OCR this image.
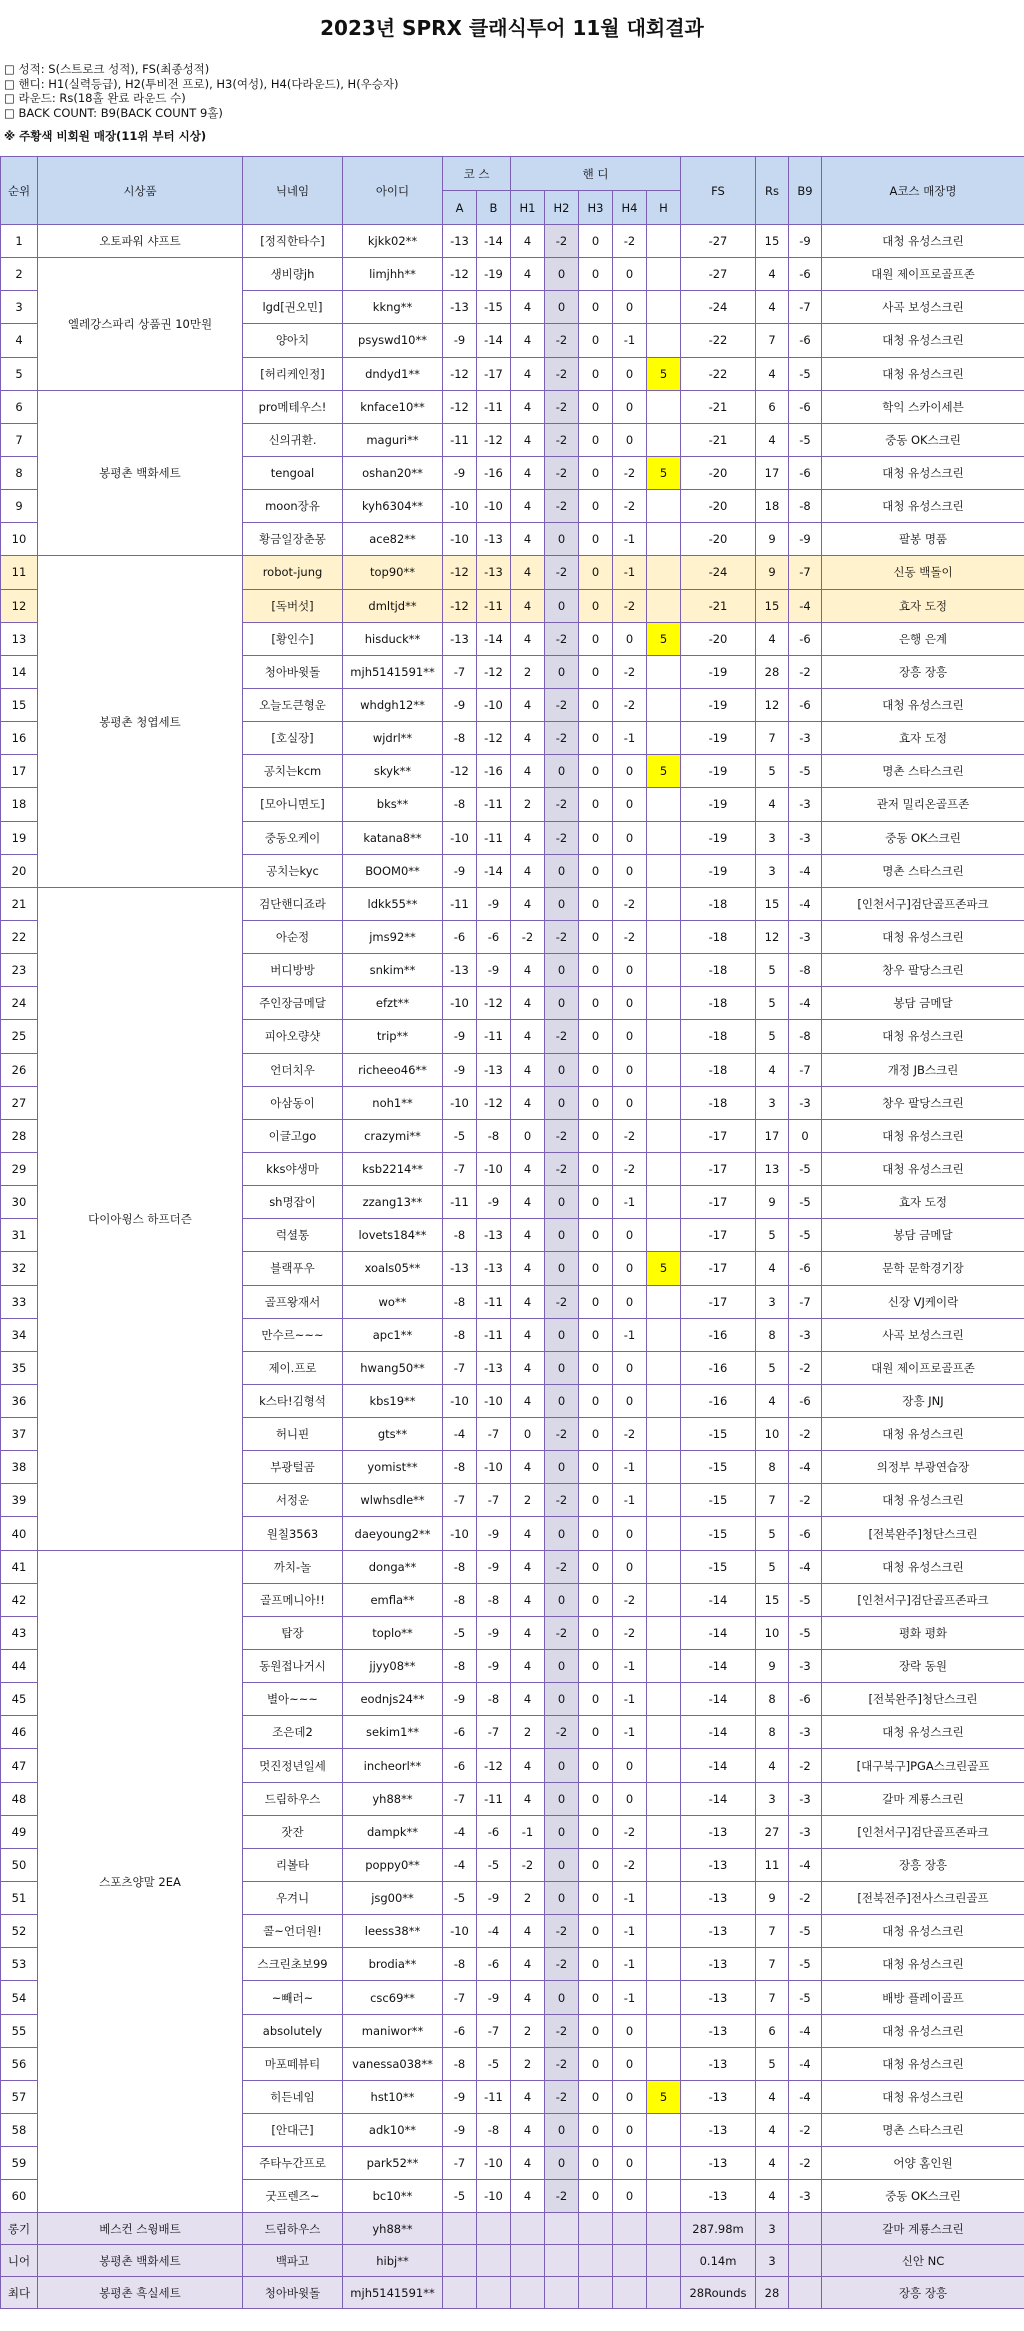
2023년 SPRX 클래식투어 11월 대회결과
□ 성적: S(스트로크 성적), FS(최종성적)
□ 핸디: H1(실력등급), H2(투비전 프로), H3(여성), H4(다라운드), H(우승자)
□ 라운드: Rs(18홀 완료 라운드 수)
□ BACK COUNT: B9(BACK COUNT 9홀)
※ 주황색 비회원 매장(11위 부터 시상)
순위	시상품	닉네임	아이디	코 스		핸 디					FS	Rs	B9	A코스 매장명
				A	B	H1	H2	H3	H4	H				
1	오토파워 샤프트	[정직한타수]	kjkk02**	-13	-14	4	-2	0	-2		-27	15	-9	대청 유성스크린
2	엘레강스파리 상품권 10만원	생비량jh	limjhh**	-12	-19	4	0	0	0		-27	4	-6	대원 제이프로골프존
3		lgd[권오민]	kkng**	-13	-15	4	0	0	0		-24	4	-7	사곡 보성스크린
4		양아치	psyswd10**	-9	-14	4	-2	0	-1		-22	7	-6	대청 유성스크린
5		[허리케인정]	dndyd1**	-12	-17	4	-2	0	0	5	-22	4	-5	대청 유성스크린
6	봉평촌 백화세트	pro메테우스!	knface10**	-12	-11	4	-2	0	0		-21	6	-6	학익 스카이세븐
7		신의귀환.	maguri**	-11	-12	4	-2	0	0		-21	4	-5	중동 OK스크린
8		tengoal	oshan20**	-9	-16	4	-2	0	-2	5	-20	17	-6	대청 유성스크린
9		moon장유	kyh6304**	-10	-10	4	-2	0	-2		-20	18	-8	대청 유성스크린
10		황금일장춘몽	ace82**	-10	-13	4	0	0	-1		-20	9	-9	팔봉 명품
11	봉평촌 청엽세트	robot-jung	top90**	-12	-13	4	-2	0	-1		-24	9	-7	신동 백돌이
12		[독버섯]	dmltjd**	-12	-11	4	0	0	-2		-21	15	-4	효자 도정
13		[황인수]	hisduck**	-13	-14	4	-2	0	0	5	-20	4	-6	은행 은계
14		청아바윗돌	mjh5141591**	-7	-12	2	0	0	-2		-19	28	-2	장흥 장흥
15		오늘도큰형운	whdgh12**	-9	-10	4	-2	0	-2		-19	12	-6	대청 유성스크린
16		[호실장]	wjdrl**	-8	-12	4	-2	0	-1		-19	7	-3	효자 도정
17		공치는kcm	skyk**	-12	-16	4	0	0	0	5	-19	5	-5	명촌 스타스크린
18		[모아니면도]	bks**	-8	-11	2	-2	0	0		-19	4	-3	관저 밀리온골프존
19		중동오케이	katana8**	-10	-11	4	-2	0	0		-19	3	-3	중동 OK스크린
20		공치는kyc	BOOM0**	-9	-14	4	0	0	0		-19	3	-4	명촌 스타스크린
21	다이아윙스 하프더즌	검단핸디죠라	ldkk55**	-11	-9	4	0	0	-2		-18	15	-4	[인천서구]검단골프존파크
22		아순정	jms92**	-6	-6	-2	-2	0	-2		-18	12	-3	대청 유성스크린
23		버디방방	snkim**	-13	-9	4	0	0	0		-18	5	-8	창우 팔당스크린
24		주인장금메달	efzt**	-10	-12	4	0	0	0		-18	5	-4	봉담 금메달
25		피아오량샷	trip**	-9	-11	4	-2	0	0		-18	5	-8	대청 유성스크린
26		언더치우	richeeo46**	-9	-13	4	0	0	0		-18	4	-7	개정 JB스크린
27		아삼동이	noh1**	-10	-12	4	0	0	0		-18	3	-3	창우 팔당스크린
28		이글고go	crazymi**	-5	-8	0	-2	0	-2		-17	17	0	대청 유성스크린
29		kks야생마	ksb2214**	-7	-10	4	-2	0	-2		-17	13	-5	대청 유성스크린
30		sh명잡이	zzang13**	-11	-9	4	0	0	-1		-17	9	-5	효자 도정
31		럭셜통	lovets184**	-8	-13	4	0	0	0		-17	5	-5	봉담 금메달
32		블랙푸우	xoals05**	-13	-13	4	0	0	0	5	-17	4	-6	문학 문학경기장
33		골프왕재서	wo**	-8	-11	4	-2	0	0		-17	3	-7	신장 VJ케이락
34		만수르~~~	apc1**	-8	-11	4	0	0	-1		-16	8	-3	사곡 보성스크린
35		제이.프로	hwang50**	-7	-13	4	0	0	0		-16	5	-2	대원 제이프로골프존
36		k스타!김형석	kbs19**	-10	-10	4	0	0	0		-16	4	-6	장흥 JNJ
37		허니핀	gts**	-4	-7	0	-2	0	-2		-15	10	-2	대청 유성스크린
38		부광털곰	yomist**	-8	-10	4	0	0	-1		-15	8	-4	의정부 부광연습장
39		서정운	wlwhsdle**	-7	-7	2	-2	0	-1		-15	7	-2	대청 유성스크린
40		원칠3563	daeyoung2**	-10	-9	4	0	0	0		-15	5	-6	[전북완주]청단스크린
41	스포츠양말 2EA	까치-놀	donga**	-8	-9	4	-2	0	0		-15	5	-4	대청 유성스크린
42		골프메니아!!	emfla**	-8	-8	4	0	0	-2		-14	15	-5	[인천서구]검단골프존파크
43		탑장	toplo**	-5	-9	4	-2	0	-2		-14	10	-5	평화 평화
44		동원접나거시	jjyy08**	-8	-9	4	0	0	-1		-14	9	-3	장락 동원
45		별아~~~	eodnjs24**	-9	-8	4	0	0	-1		-14	8	-6	[전북완주]청단스크린
46		조은데2	sekim1**	-6	-7	2	-2	0	-1		-14	8	-3	대청 유성스크린
47		멋진정년일세	incheorl**	-6	-12	4	0	0	0		-14	4	-2	[대구북구]PGA스크린골프
48		드림하우스	yh88**	-7	-11	4	0	0	0		-14	3	-3	갈마 계룡스크린
49		잣잔	dampk**	-4	-6	-1	0	0	-2		-13	27	-3	[인천서구]검단골프존파크
50		리볼타	poppy0**	-4	-5	-2	0	0	-2		-13	11	-4	장흥 장흥
51		우겨니	jsg00**	-5	-9	2	0	0	-1		-13	9	-2	[전북전주]전사스크린골프
52		콜~언더원!	leess38**	-10	-4	4	-2	0	-1		-13	7	-5	대청 유성스크린
53		스크린초보99	brodia**	-8	-6	4	-2	0	-1		-13	7	-5	대청 유성스크린
54		~빼러~	csc69**	-7	-9	4	0	0	-1		-13	7	-5	배방 플레이골프
55		absolutely	maniwor**	-6	-7	2	-2	0	0		-13	6	-4	대청 유성스크린
56		마포떼뷰티	vanessa038**	-8	-5	2	-2	0	0		-13	5	-4	대청 유성스크린
57		히든네임	hst10**	-9	-11	4	-2	0	0	5	-13	4	-4	대청 유성스크린
58		[안대근]	adk10**	-9	-8	4	0	0	0		-13	4	-2	명촌 스타스크린
59		주타누간프로	park52**	-7	-10	4	0	0	0		-13	4	-2	어양 홈인원
60		굿프렌즈~	bc10**	-5	-10	4	-2	0	0		-13	4	-3	중동 OK스크린
롱기	베스컨 스윙배트	드림하우스	yh88**								287.98m	3		갈마 계룡스크린
니어	봉평촌 백화세트	백파고	hibj**								0.14m	3		신안 NC
최다	봉평촌 흑실세트	청아바윗돌	mjh5141591**								28Rounds	28		장흥 장흥
